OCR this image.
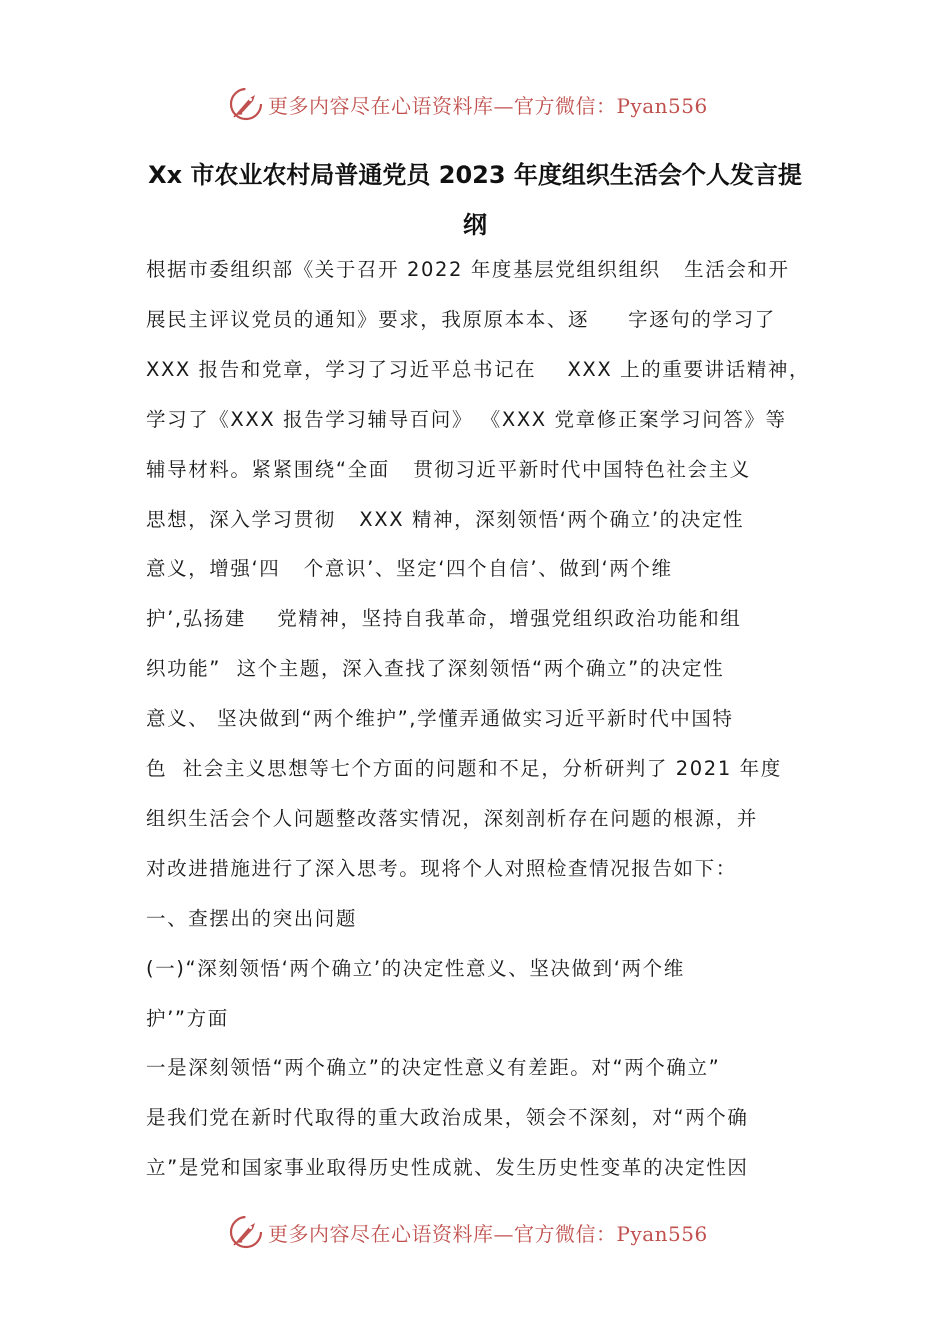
更多内容尽在心语资料库—官方微信：Pyan556
Xx 市农业农村局普通党员 2023 年度组织生活会个人发言提
纲
根据市委组织部《关于召开 2022 年度基层党组织组织   生活会和开
展民主评议党员的通知》要求，我原原本本、逐     字逐句的学习了
XXX 报告和党章，学习了习近平总书记在    XXX 上的重要讲话精神，
学习了《XXX 报告学习辅导百问》 《XXX 党章修正案学习问答》等
辅导材料。紧紧围绕“全面   贯彻习近平新时代中国特色社会主义
思想，深入学习贯彻   XXX 精神，深刻领悟‘两个确立’的决定性
意义，增强‘四   个意识’、坚定‘四个自信’、做到‘两个维
护’,弘扬建    党精神，坚持自我革命，增强党组织政治功能和组
织功能”  这个主题，深入查找了深刻领悟“两个确立”的决定性
意义、 坚决做到“两个维护”,学懂弄通做实习近平新时代中国特
色  社会主义思想等七个方面的问题和不足，分析研判了 2021 年度
组织生活会个人问题整改落实情况，深刻剖析存在问题的根源，并
对改进措施进行了深入思考。现将个人对照检查情况报告如下：
一、查摆出的突出问题
(一)“深刻领悟‘两个确立’的决定性意义、坚决做到‘两个维
护’”方面
一是深刻领悟“两个确立”的决定性意义有差距。对“两个确立”
是我们党在新时代取得的重大政治成果，领会不深刻，对“两个确
立”是党和国家事业取得历史性成就、发生历史性变革的决定性因
更多内容尽在心语资料库—官方微信：Pyan556
